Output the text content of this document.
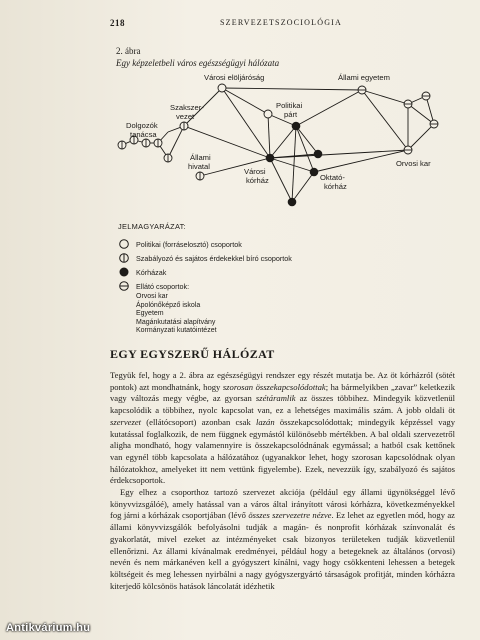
218	SZERVEZETSZOCIOLÓGIA
2. ábra
Egy képzeletbeli város egészségügyi hálózata
Városi elöljáróság	Állami egyetem
Politikai
párt
Szakszer-
vezet
Dolgozók
tanácsa
Állami
hivatal
Városi
kórház	Oktató-
kórház
Orvosi kar
JELMAGYARÁZAT:
Politikai (forráselosztó) csoportok
Szabályozó és sajátos érdekekkel bíró csoportok
Kórházak
Ellátó csoportok:
Orvosi kar
Ápolónőképző iskola
Egyetem
Magánkutatási alapítvány
Kormányzati kutatóintézet
EGY EGYSZERŰ HÁLÓZAT

Tegyük fel, hogy a 2. ábra az egészségügyi rendszer egy részét mutatja be. Az öt kórházról (sötét pontok) azt mondhatnánk, hogy szorosan összekapcsolódottak; ha bármelyikben „zavar” keletkezik vagy változás megy végbe, az gyorsan szétáramlik az összes többihez. Mindegyik közvetlenül kapcsolódik a többihez, nyolc kapcsolat van, ez a lehetséges maximális szám. A jobb oldali öt szervezet (ellátócsoport) azonban csak lazán összekapcsolódottak; mindegyik képzéssel vagy kutatással foglalkozik, de nem függnek egymástól különösebb mértékben. A bal oldali szervezetről aligha mondható, hogy valamennyire is összekapcsolódnának egymással; a hatból csak kettőnek van egynél több kapcsolata a hálózatához (ugyanakkor lehet, hogy szorosan kapcsolódnak olyan hálózatokhoz, amelyeket itt nem vettünk figyelembe). Ezek, nevezzük így, szabályozó és sajátos érdekcsoportok.

Egy elhez a csoporthoz tartozó szervezet akciója (például egy állami ügynökséggel lévő könyvvizsgálóé), amely hatással van a város által irányított városi kórházra, következményekkel fog járni a kórházak csoportjában (lévő összes szervezetre nézve. Ez lehet az egyetlen mód, hogy az állami könyvvizsgálók befolyásolni tudják a magán- és nonprofit kórházak színvonalát és gyakorlatát, mivel ezeket az intézményeket csak bizonyos területeken tudják közvetlenül ellenőrizni. Az állami kívánalmak eredményei, például hogy a betegeknek az általános (orvosi) nevén és nem márkanéven kell a gyógyszert kínálni, vagy hogy csökkenteni lehessen a betegek költségeit és meg lehessen nyirbálni a nagy gyógyszergyártó társaságok profitját, minden kórházra kiterjedő kölcsönös hatások láncolatát idézhetik

Antikvárium.hu
